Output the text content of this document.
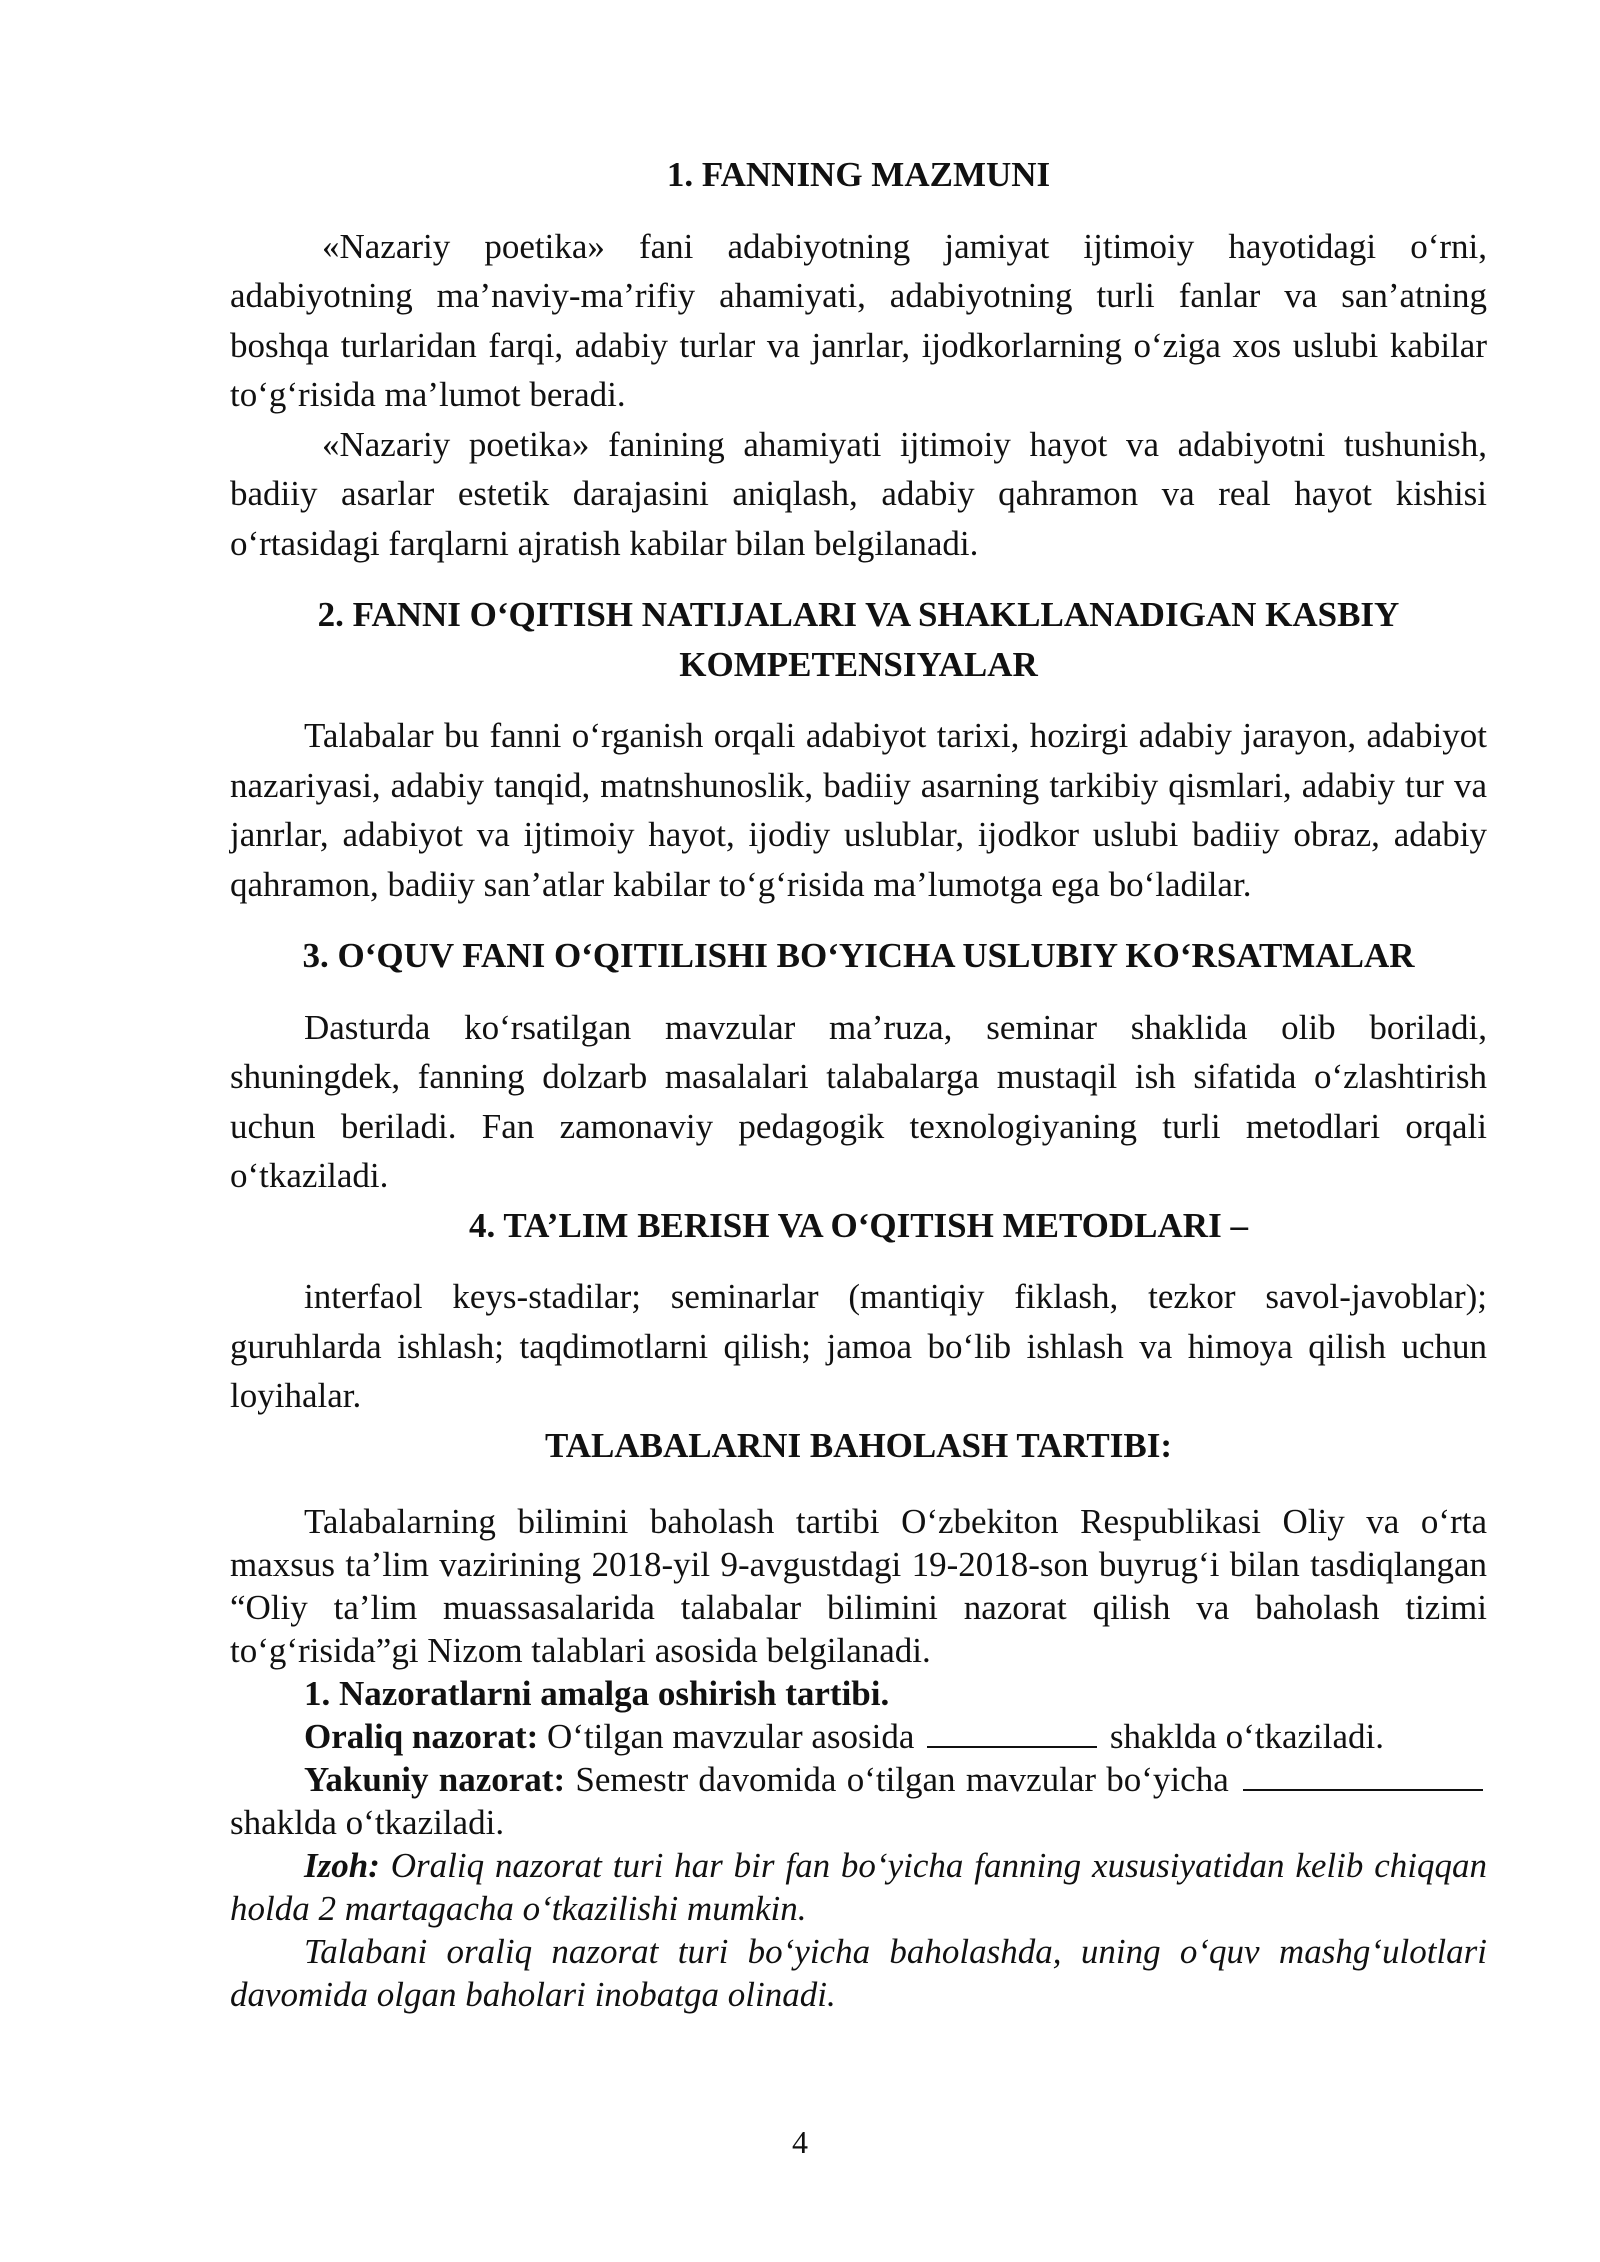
1. FANNING MAZMUNI

«Nazariy poetika» fani adabiyotning jamiyat ijtimoiy hayotidagi o‘rni, adabiyotning ma’naviy-ma’rifiy ahamiyati, adabiyotning turli fanlar va san’atning boshqa turlaridan farqi, adabiy turlar va janrlar, ijodkorlarning o‘ziga xos uslubi kabilar to‘g‘risida ma’lumot beradi.

«Nazariy poetika» fanining ahamiyati ijtimoiy hayot va adabiyotni tushunish, badiiy asarlar estetik darajasini aniqlash, adabiy qahramon va real hayot kishisi o‘rtasidagi farqlarni ajratish kabilar bilan belgilanadi.

2. FANNI O‘QITISH NATIJALARI VA SHAKLLANADIGAN KASBIY

KOMPETENSIYALAR

Talabalar bu fanni o‘rganish orqali adabiyot tarixi, hozirgi adabiy jarayon, adabiyot nazariyasi, adabiy tanqid, matnshunoslik, badiiy asarning tarkibiy qismlari, adabiy tur va janrlar, adabiyot va ijtimoiy hayot, ijodiy uslublar, ijodkor uslubi badiiy obraz, adabiy qahramon, badiiy san’atlar kabilar to‘g‘risida ma’lumotga ega bo‘ladilar.

3. O‘QUV FANI O‘QITILISHI BO‘YICHA USLUBIY KO‘RSATMALAR

Dasturda ko‘rsatilgan mavzular ma’ruza, seminar shaklida olib boriladi, shuningdek, fanning dolzarb masalalari talabalarga mustaqil ish sifatida o‘zlashtirish uchun beriladi. Fan zamonaviy pedagogik texnologiyaning turli metodlari orqali o‘tkaziladi.

4. TA’LIM BERISH VA O‘QITISH METODLARI –

interfaol keys-stadilar; seminarlar (mantiqiy fiklash, tezkor savol-javoblar); guruhlarda ishlash; taqdimotlarni qilish; jamoa bo‘lib ishlash va himoya qilish uchun loyihalar.

TALABALARNI BAHOLASH TARTIBI:

Talabalarning bilimini baholash tartibi O‘zbekiton Respublikasi Oliy va o‘rta maxsus ta’lim vazirining 2018-yil 9-avgustdagi 19-2018-son buyrug‘i bilan tasdiqlangan “Oliy ta’lim muassasalarida talabalar bilimini nazorat qilish va baholash tizimi to‘g‘risida”gi Nizom talablari asosida belgilanadi.

1. Nazoratlarni amalga oshirish tartibi.

Oraliq nazorat: O‘tilgan mavzular asosida	shakldа o‘tkaziladi.

Yakuniy nazorat: Semestr davomida o‘tilgan mavzular bo‘yicha  shakldа o‘tkaziladi.

Izoh: Oraliq nazorat turi har bir fan bo‘yicha fanning xususiyatidan kelib chiqqan holda 2 martagacha o‘tkazilishi mumkin.

Talabani oraliq nazorat turi bo‘yicha baholashda, uning o‘quv mashg‘ulotlari davomida olgan baholari inobatga olinadi.

4
